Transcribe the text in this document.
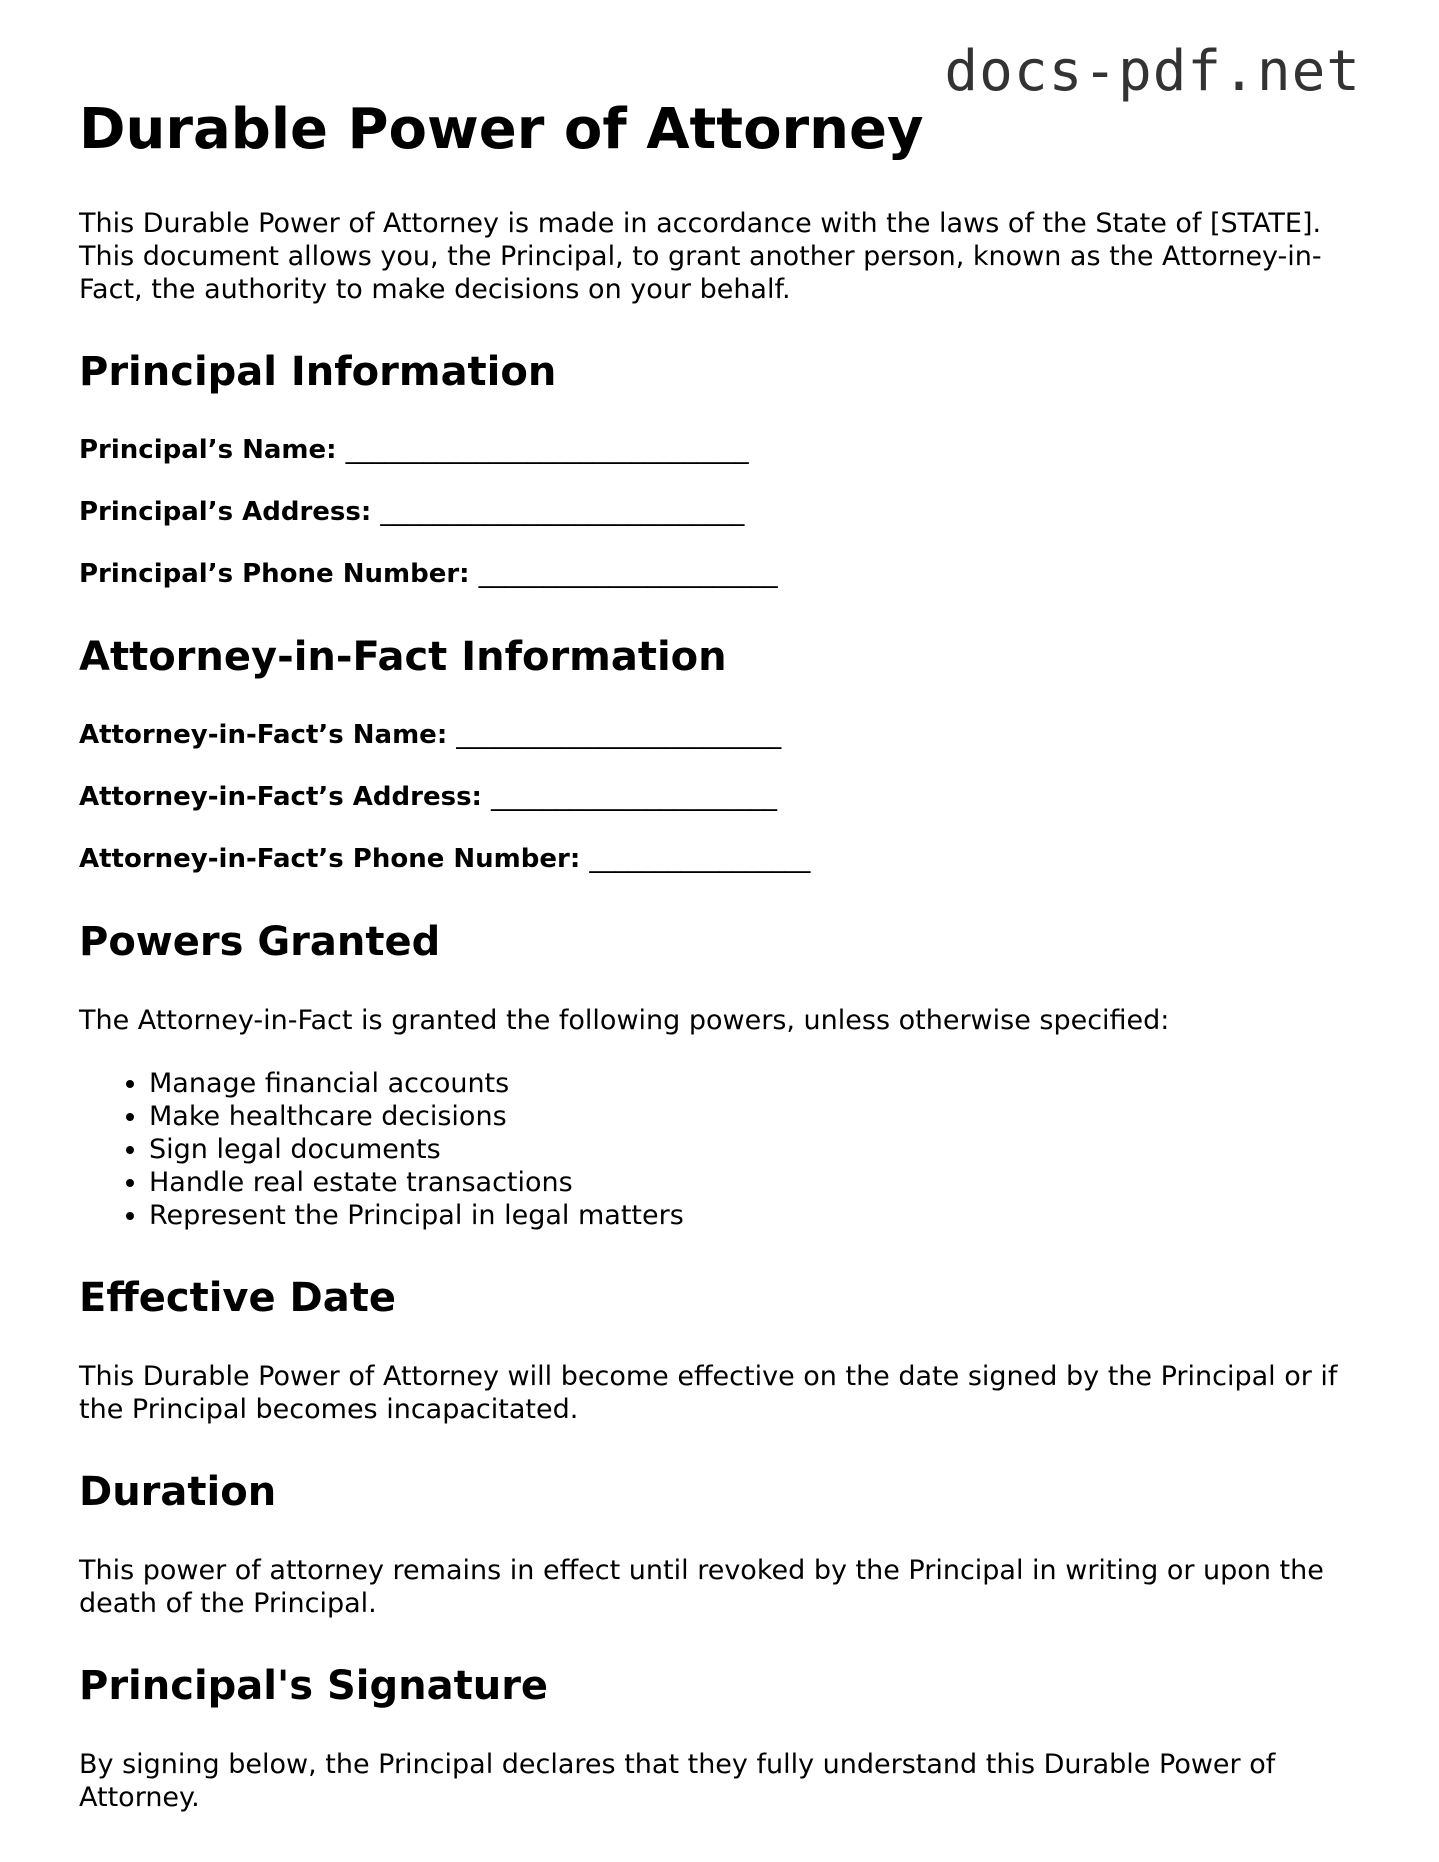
docs-pdf.net
Durable Power of Attorney

This Durable Power of Attorney is made in accordance with the laws of the State of [STATE]. This document allows you, the Principal, to grant another person, known as the Attorney-in-Fact, the authority to make decisions on your behalf.

Principal Information
Principal’s Name: _______________________________
Principal’s Address: ____________________________
Principal’s Phone Number: _______________________
Attorney-in-Fact Information
Attorney-in-Fact’s Name: _________________________
Attorney-in-Fact’s Address: ______________________
Attorney-in-Fact’s Phone Number: _________________
Powers Granted

The Attorney-in-Fact is granted the following powers, unless otherwise specified:

• Manage financial accounts
• Make healthcare decisions
• Sign legal documents
• Handle real estate transactions
• Represent the Principal in legal matters
Effective Date

This Durable Power of Attorney will become effective on the date signed by the Principal or if the Principal becomes incapacitated.

Duration

This power of attorney remains in effect until revoked by the Principal in writing or upon the death of the Principal.

Principal's Signature

By signing below, the Principal declares that they fully understand this Durable Power of Attorney.
